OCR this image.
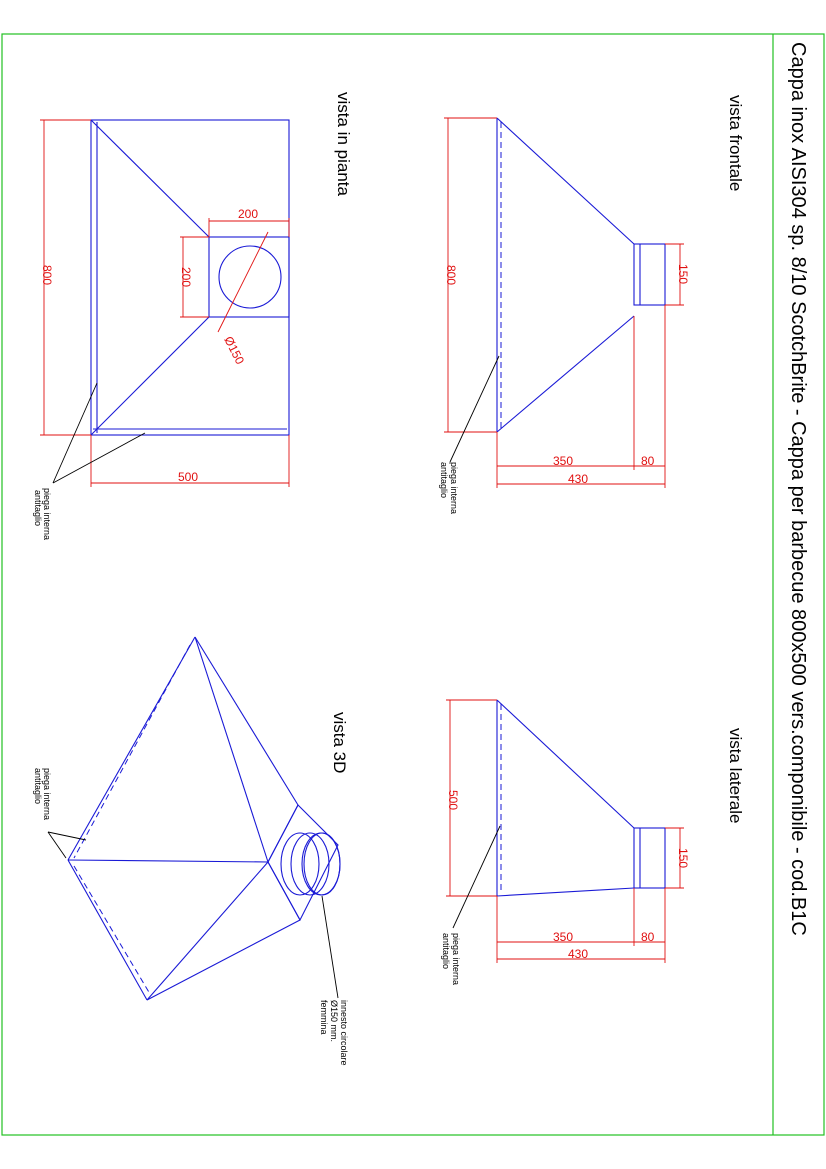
Cappa inox AISI304 sp. 8/10 ScotchBrite - Cappa per barbecue 800x500 vers.componibile - cod.B1C
vista in pianta
800
500
200
200
Ø150
piega interna
antitaglio
vista frontale
800	150
350	80
430
piega interna
antitaglio
vista laterale
500
150
350	80
430
piega interna
antitaglio
vista 3D
piega interna
antitaglio
innesto circolare
Ø150 mm.
femmina
